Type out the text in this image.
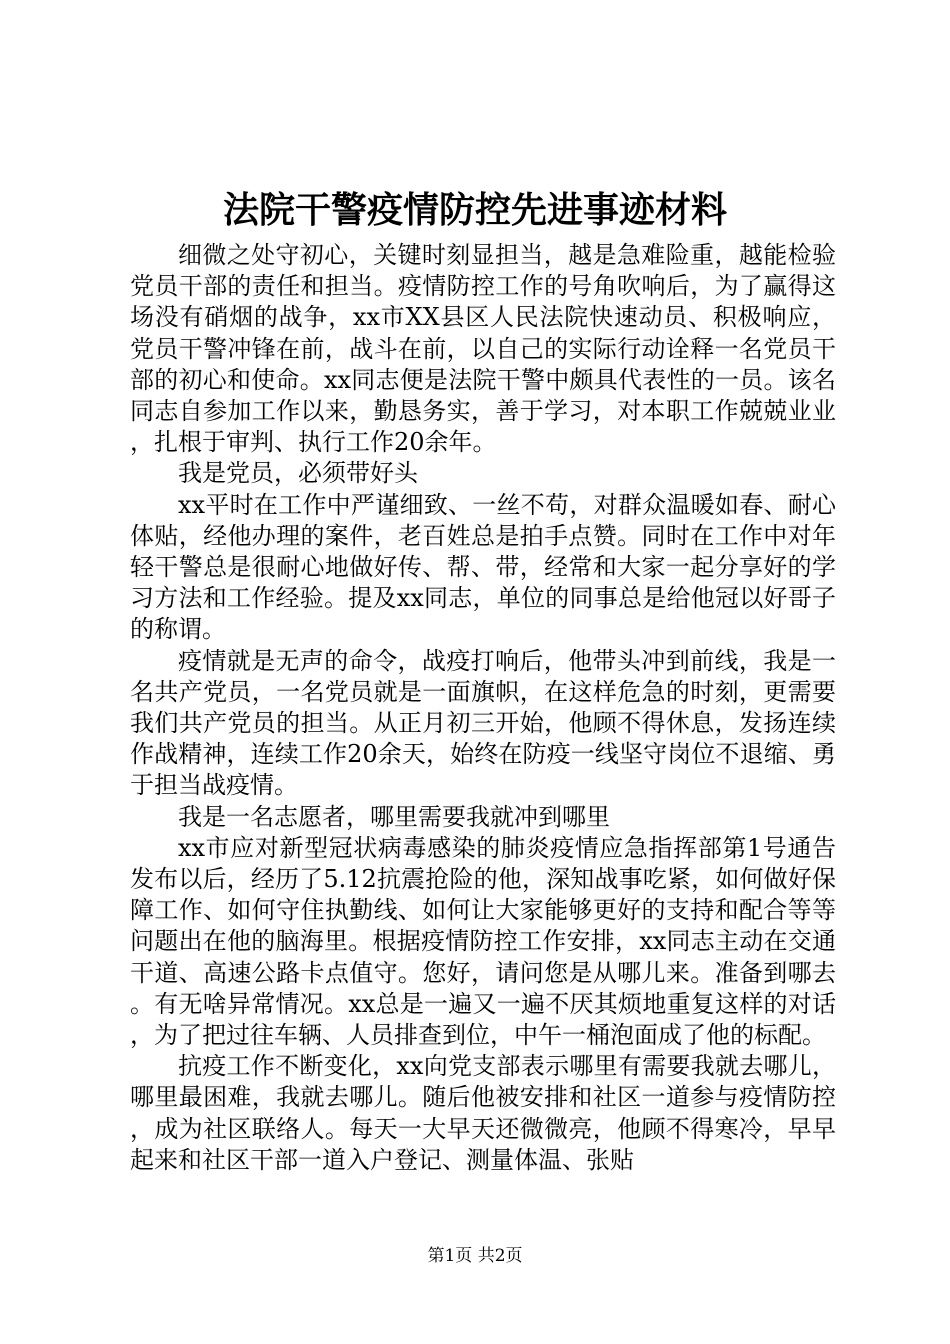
法院干警疫情防控先进事迹材料

细微之处守初心，关键时刻显担当，越是急难险重，越能检验党员干部的责任和担当。疫情防控工作的号角吹响后，为了赢得这场没有硝烟的战争，xx市XX县区人民法院快速动员、积极响应，党员干警冲锋在前，战斗在前，以自己的实际行动诠释一名党员干部的初心和使命。xx同志便是法院干警中颇具代表性的一员。该名同志自参加工作以来，勤恳务实，善于学习，对本职工作兢兢业业，扎根于审判、执行工作20余年。

我是党员，必须带好头

xx平时在工作中严谨细致、一丝不苟，对群众温暖如春、耐心体贴，经他办理的案件，老百姓总是拍手点赞。同时在工作中对年轻干警总是很耐心地做好传、帮、带，经常和大家一起分享好的学习方法和工作经验。提及xx同志，单位的同事总是给他冠以好哥子的称谓。

疫情就是无声的命令，战疫打响后，他带头冲到前线，我是一名共产党员，一名党员就是一面旗帜，在这样危急的时刻，更需要我们共产党员的担当。从正月初三开始，他顾不得休息，发扬连续作战精神，连续工作20余天，始终在防疫一线坚守岗位不退缩、勇于担当战疫情。

我是一名志愿者，哪里需要我就冲到哪里

xx市应对新型冠状病毒感染的肺炎疫情应急指挥部第1号通告发布以后，经历了5.12抗震抢险的他，深知战事吃紧，如何做好保障工作、如何守住执勤线、如何让大家能够更好的支持和配合等等问题出在他的脑海里。根据疫情防控工作安排，xx同志主动在交通干道、高速公路卡点值守。您好，请问您是从哪儿来。准备到哪去。有无啥异常情况。xx总是一遍又一遍不厌其烦地重复这样的对话，为了把过往车辆、人员排查到位，中午一桶泡面成了他的标配。

抗疫工作不断变化，xx向党支部表示哪里有需要我就去哪儿，哪里最困难，我就去哪儿。随后他被安排和社区一道参与疫情防控，成为社区联络人。每天一大早天还微微亮，他顾不得寒冷，早早起来和社区干部一道入户登记、测量体温、张贴

第1页 共2页
